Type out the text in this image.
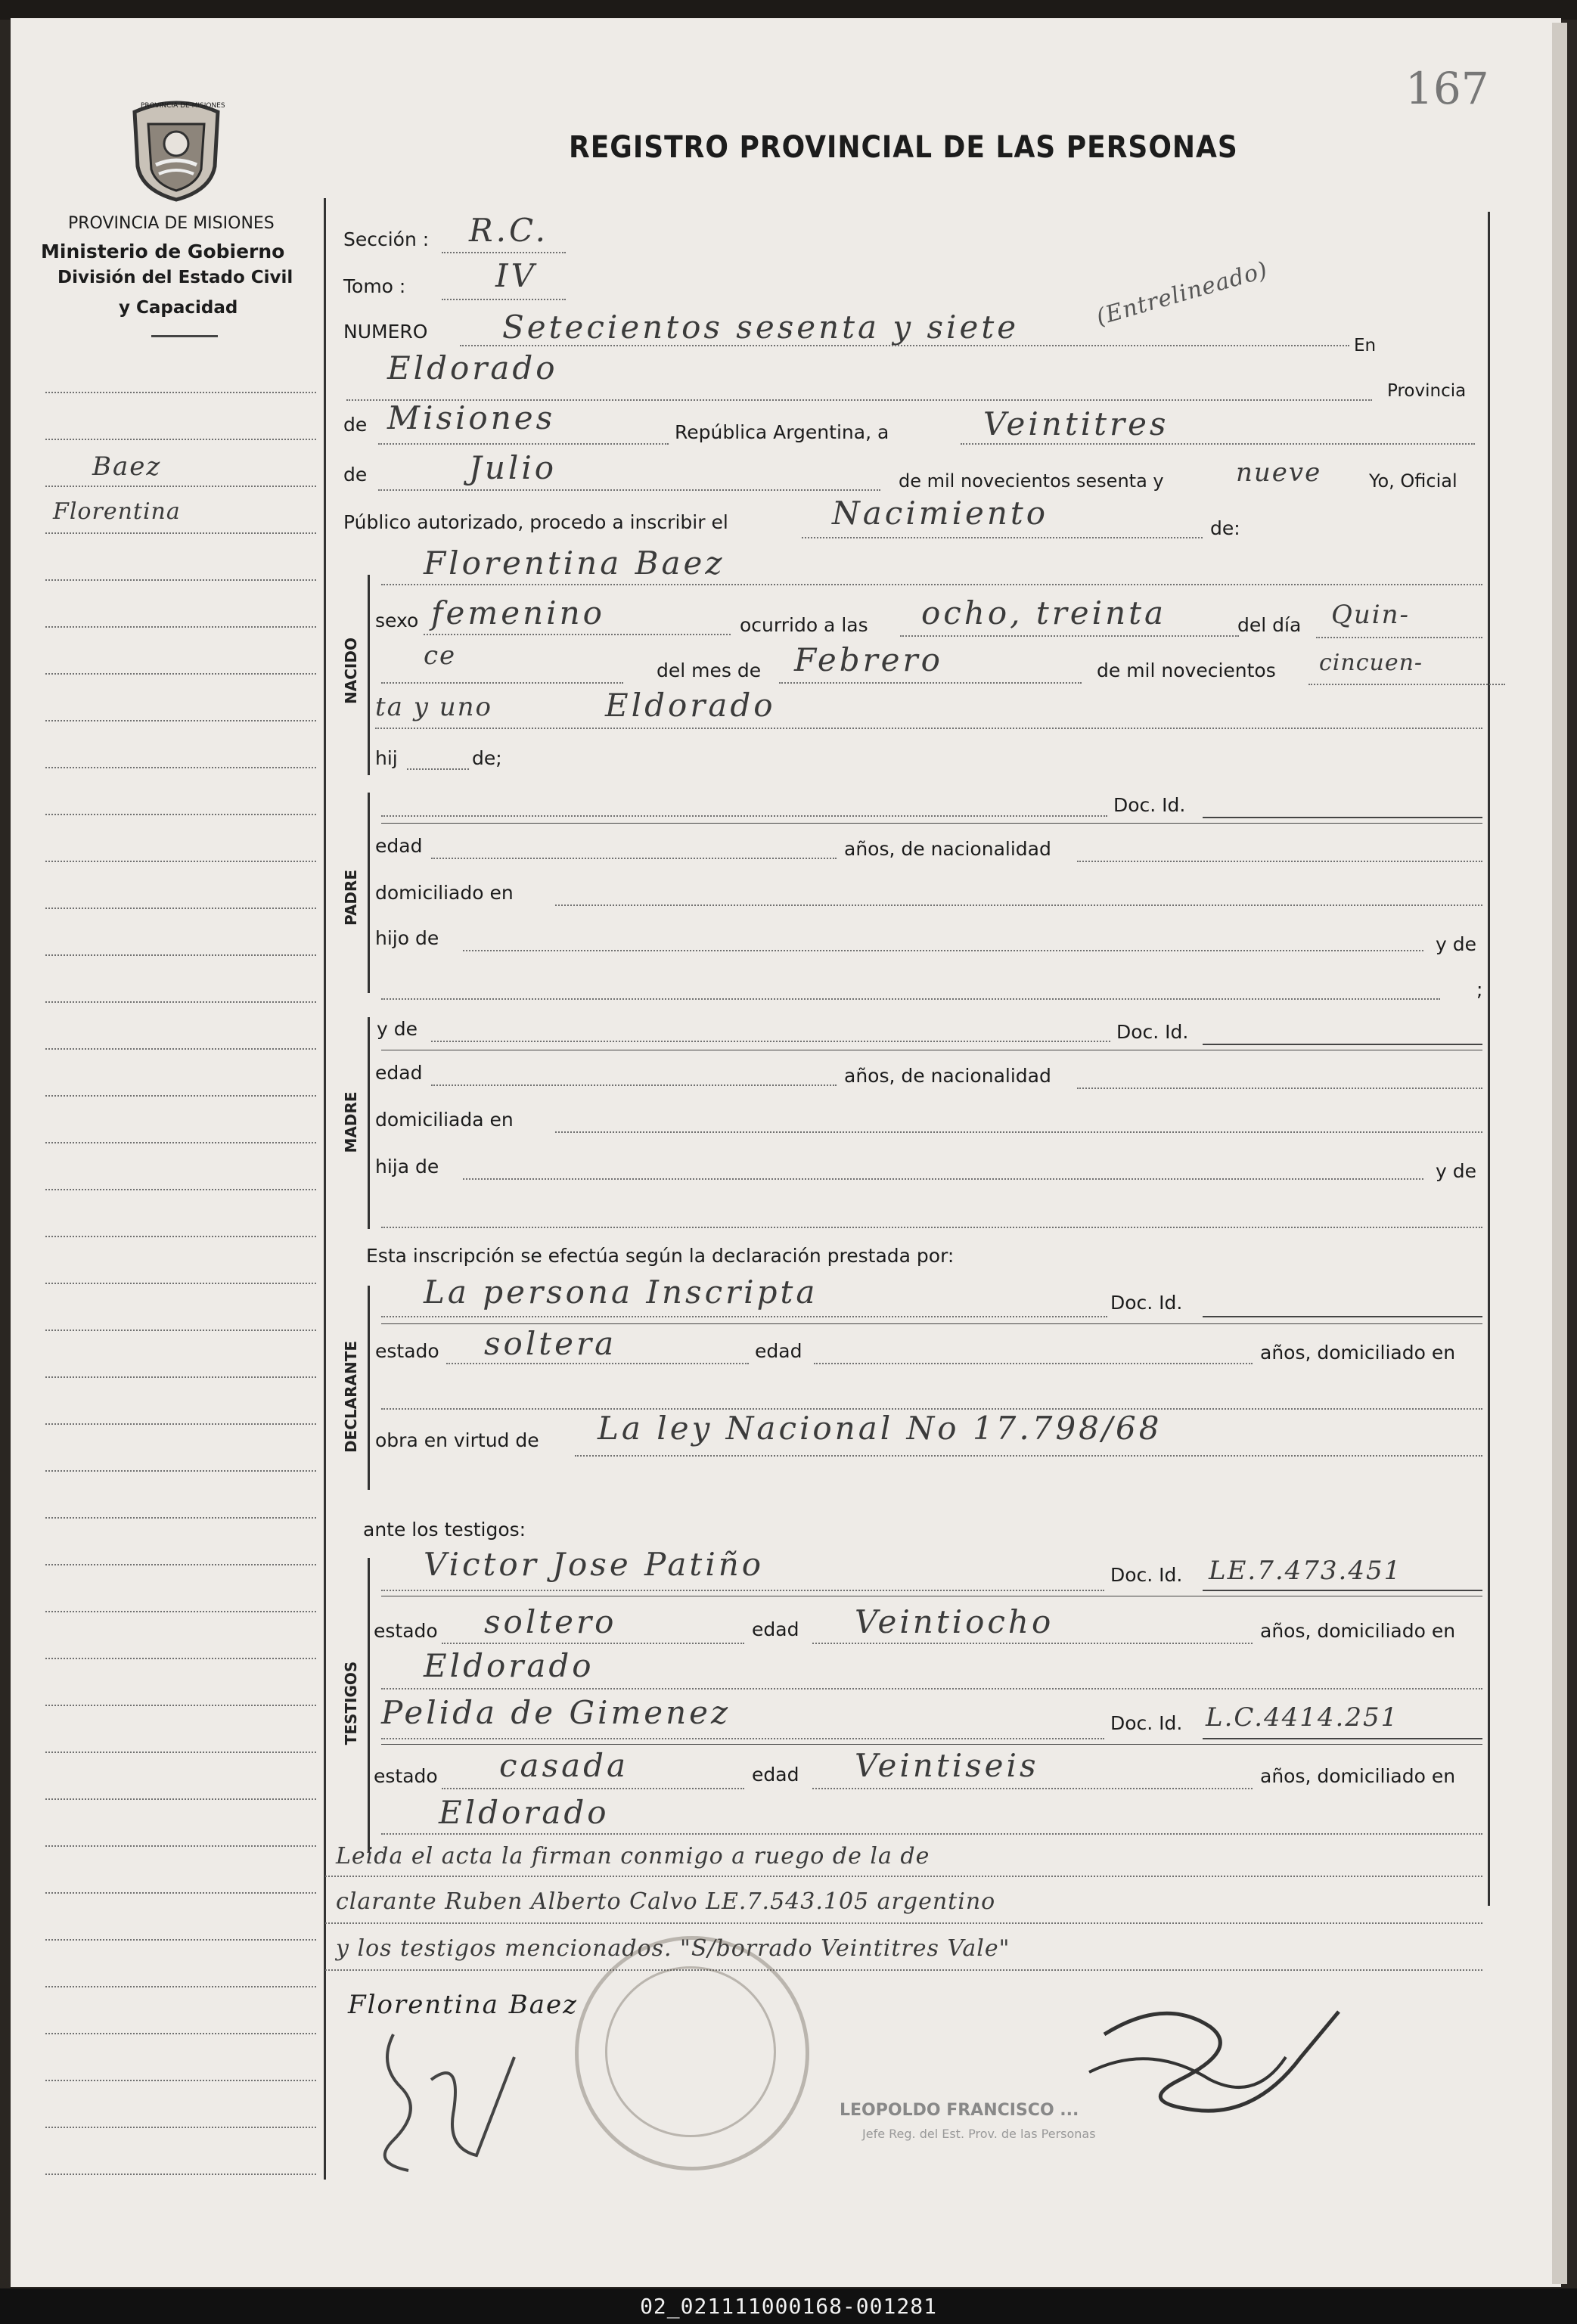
167
PROVINCIA DE MISIONES
PROVINCIA DE MISIONES
Ministerio de Gobierno
División del Estado Civil
y Capacidad
REGISTRO PROVINCIAL DE LAS PERSONAS
Baez
Florentina
NACIDO
PADRE
MADRE
DECLARANTE
TESTIGOS
Sección : R.C.
Tomo :	IV
NUMERO Setecientos sesenta y siete	(Entrelineado)
En
Eldorado
Provincia
de Misiones	República Argentina, a	Veintitres
de	Julio	de mil novecientos sesenta y	nueve	Yo, Oficial
Público autorizado, procedo a inscribir el	Nacimiento	de:
Florentina Baez
sexo femenino	ocurrido a las ocho, treinta	del día Quin-
ce	del mes de Febrero	de mil novecientos cincuen-
ta y uno	Eldorado
hij	de;
Doc. Id.
edad	años, de nacionalidad
domiciliado en
hijo de	y de
;
y de	Doc. Id.
edad	años, de nacionalidad
domiciliada en
hija de	y de
Esta inscripción se efectúa según la declaración prestada por:
La persona Inscripta	Doc. Id.
estado soltera	edad	años, domiciliado en
obra en virtud de La ley Nacional No 17.798/68
ante los testigos:
Victor Jose Patiño	Doc. Id. LE.7.473.451
estado soltero	edad Veintiocho	años, domiciliado en
Eldorado
Pelida de Gimenez	Doc. Id. L.C.4414.251
estado casada	edad Veintiseis	años, domiciliado en
Eldorado
Leida el acta la firman conmigo a ruego de la de
clarante Ruben Alberto Calvo LE.7.543.105 argentino
y los testigos mencionados. "S/borrado Veintitres Vale"
Florentina Baez
LEOPOLDO FRANCISCO ...
Jefe Reg. del Est. Prov. de las Personas
02_021111000168-001281
